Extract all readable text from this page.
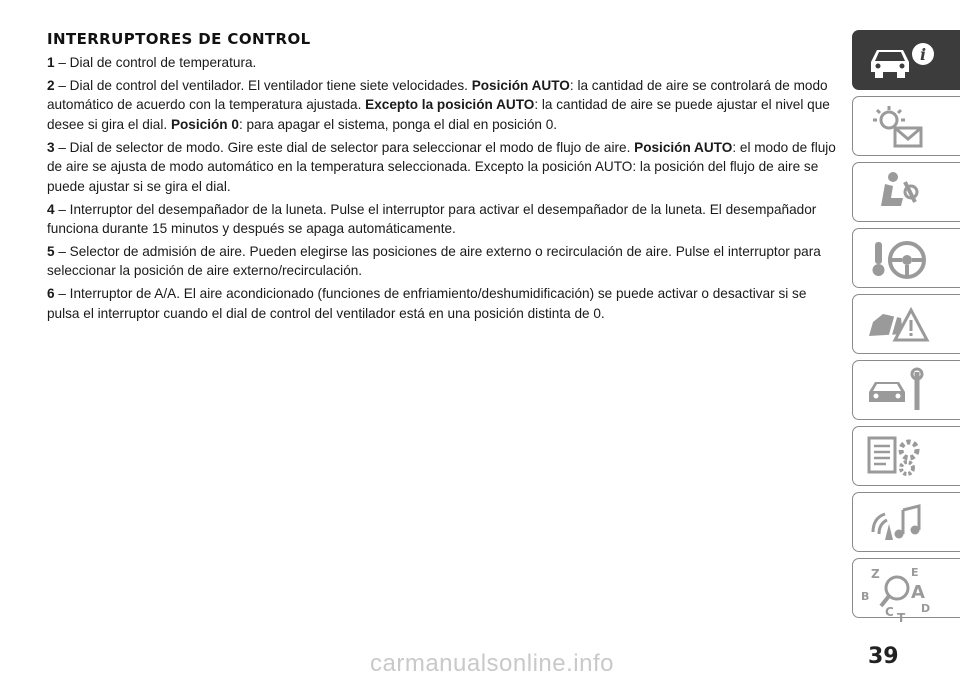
INTERRUPTORES DE CONTROL

1 – Dial de control de temperatura.

2 – Dial de control del ventilador. El ventilador tiene siete velocidades. Posición AUTO: la cantidad de aire se controlará de modo automático de acuerdo con la temperatura ajustada. Excepto la posición AUTO: la cantidad de aire se puede ajustar el nivel que desee si gira el dial. Posición 0: para apagar el sistema, ponga el dial en posición 0.

3 – Dial de selector de modo. Gire este dial de selector para seleccionar el modo de flujo de aire. Posición AUTO: el modo de flujo de aire se ajusta de modo automático en la temperatura seleccionada. Excepto la posición AUTO: la posición del flujo de aire se puede ajustar si se gira el dial.

4 – Interruptor del desempañador de la luneta. Pulse el interruptor para activar el desempañador de la luneta. El desempañador funciona durante 15 minutos y después se apaga automáticamente.

5 – Selector de admisión de aire. Pueden elegirse las posiciones de aire externo o recirculación de aire. Pulse el interruptor para seleccionar la posición de aire externo/recirculación.

6 – Interruptor de A/A. El aire acondicionado (funciones de enfriamiento/deshumidificación) se puede activar o desactivar si se pulsa el interruptor cuando el dial de control del ventilador está en una posición distinta de 0.

i
Z	E
B A
C D
T
39
carmanualsonline.info
